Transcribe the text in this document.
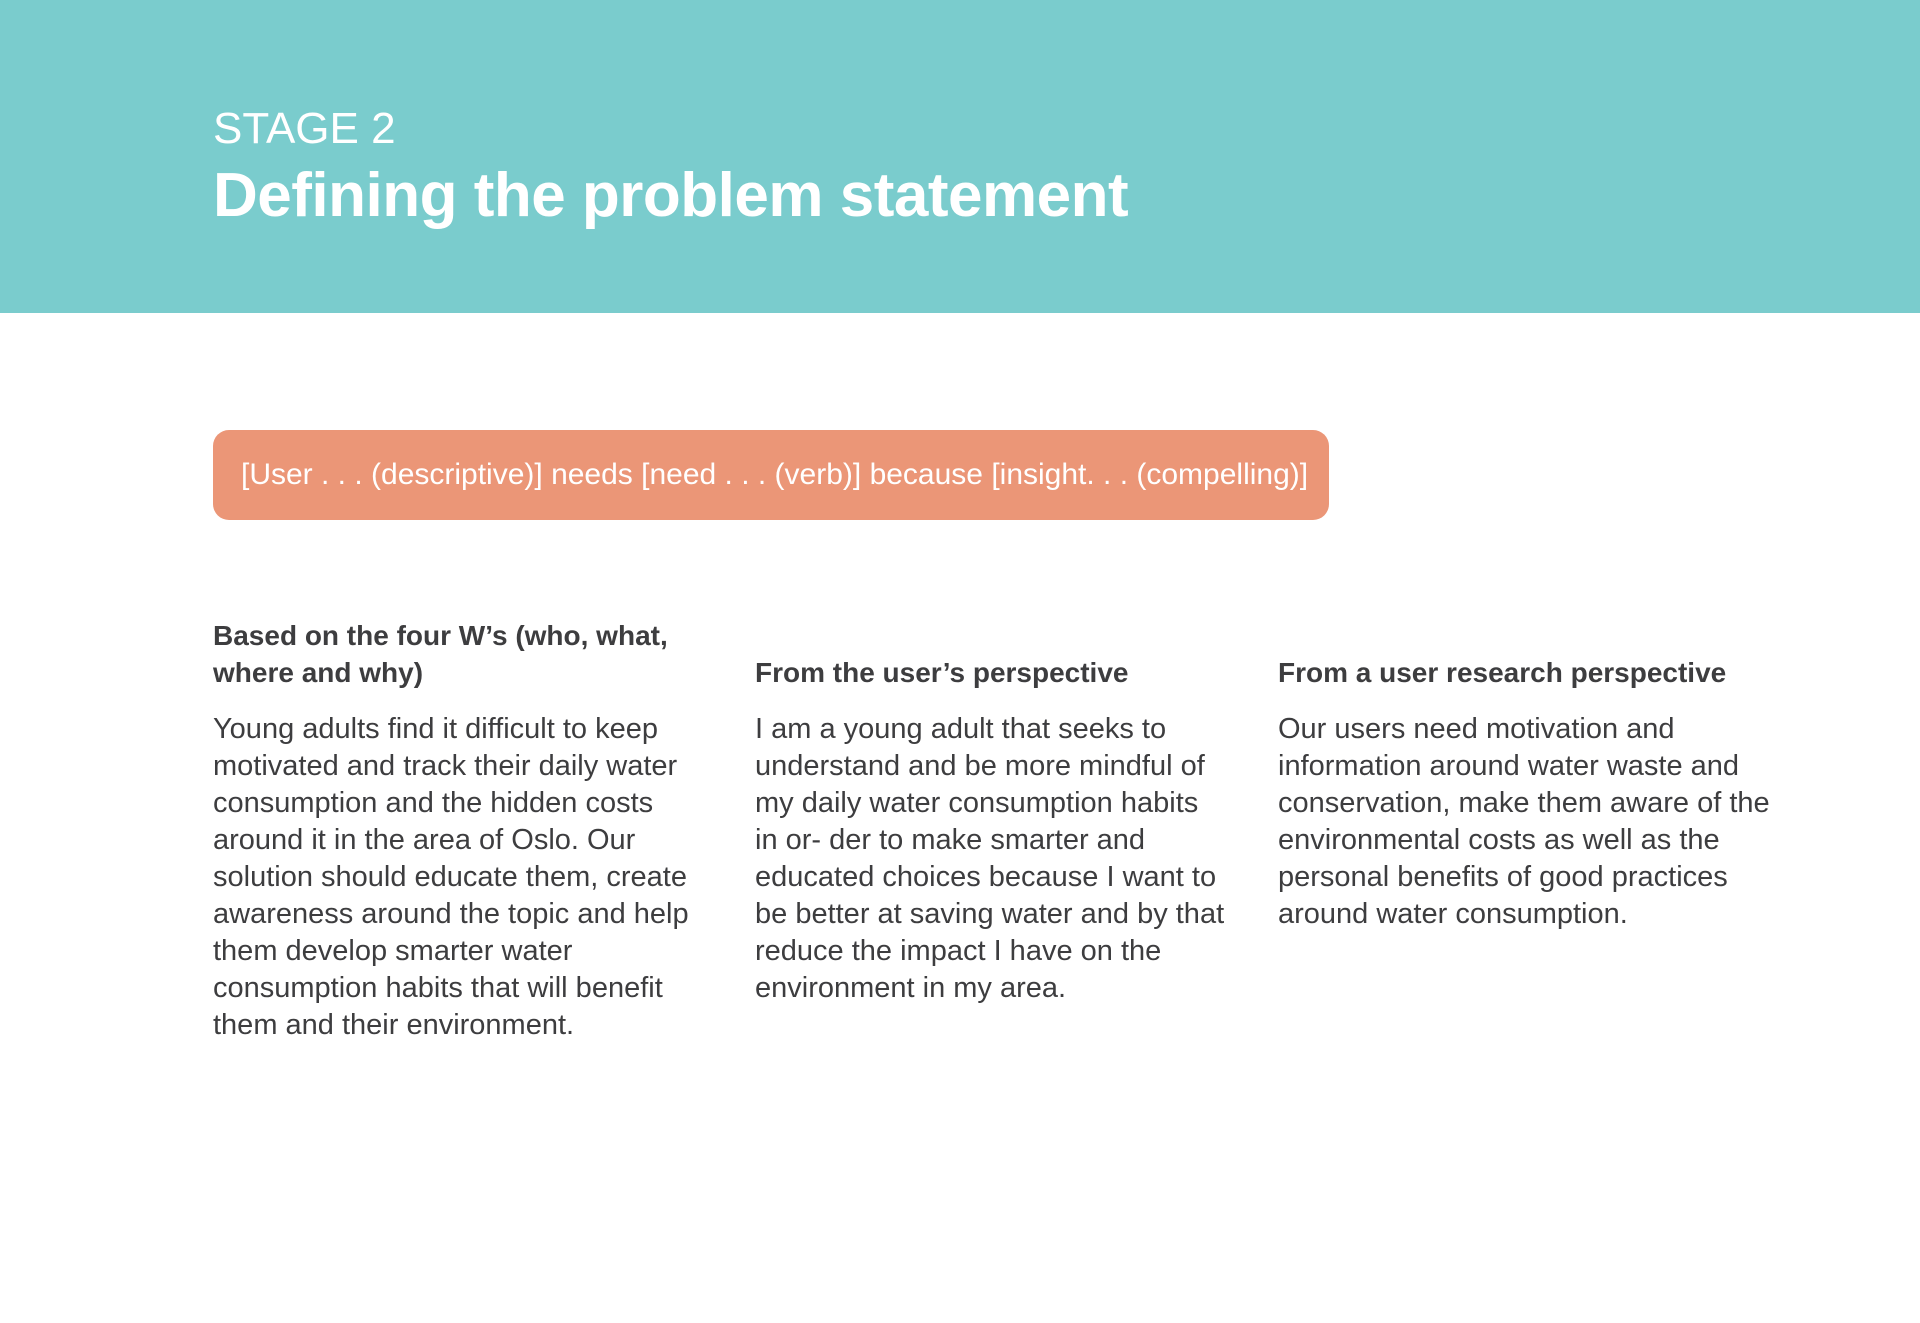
STAGE 2
Defining the problem statement
[User . . . (descriptive)] needs [need . . . (verb)] because [insight. . . (compelling)]
Based on the four W’s (who, what, where and why)
Young adults find it difficult to keep motivated and track their daily water consumption and the hidden costs around it in the area of Oslo. Our solution should educate them, create awareness around the topic and help them develop smarter water consumption habits that will benefit them and their environment.
From the user’s perspective
I am a young adult that seeks to understand and be more mindful of my daily water consumption habits in or- der to make smarter and educated choices because I want to be better at saving water and by that reduce the impact I have on the environment in my area.
From a user research perspective
Our users need motivation and information around water waste and conservation, make them aware of the environmental costs as well as the personal benefits of good practices around water consumption.
